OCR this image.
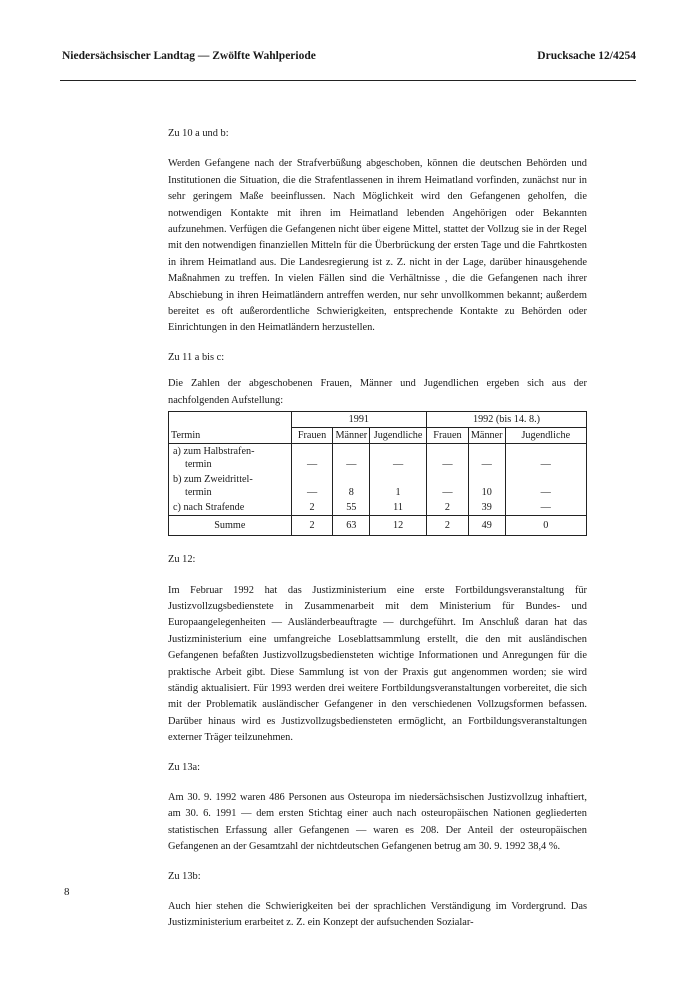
Niedersächsischer Landtag — Zwölfte Wahlperiode	Drucksache 12/4254

Zu 10 a und b:

Werden Gefangene nach der Strafverbüßung abgeschoben, können die deutschen Behörden und Institutionen die Situation, die die Strafentlassenen in ihrem Heimatland vorfinden, zunächst nur in sehr geringem Maße beeinflussen. Nach Möglichkeit wird den Gefangenen geholfen, die notwendigen Kontakte mit ihren im Heimatland lebenden Angehörigen oder Bekannten aufzunehmen. Verfügen die Gefangenen nicht über eigene Mittel, stattet der Vollzug sie in der Regel mit den notwendigen finanziellen Mitteln für die Überbrückung der ersten Tage und die Fahrtkosten in ihrem Heimatland aus. Die Landesregierung ist z. Z. nicht in der Lage, darüber hinausgehende Maßnahmen zu treffen. In vielen Fällen sind die Verhältnisse , die die Gefangenen nach ihrer Abschiebung in ihren Heimatländern antreffen werden, nur sehr unvollkommen bekannt; außerdem bereitet es oft außerordentliche Schwierigkeiten, entsprechende Kontakte zu Behörden oder Einrichtungen in den Heimatländern herzustellen.

Zu 11 a bis c:

Die Zahlen der abgeschobenen Frauen, Männer und Jugendlichen ergeben sich aus der nachfolgenden Aufstellung:

	1991			1992 (bis 14. 8.)		
Termin	Frauen	Männer	Jugendliche	Frauen	Männer	Jugendliche
a) zum Halbstrafen-
termin	—	—	—	—	—	—
b) zum Zweidrittel-
termin	—	8	1	—	10	—
c) nach Strafende	2	55	11	2	39	—
Summe	2	63	12	2	49	0

Zu 12:

Im Februar 1992 hat das Justizministerium eine erste Fortbildungsveranstaltung für Justizvollzugsbedienstete in Zusammenarbeit mit dem Ministerium für Bundes- und Europaangelegenheiten — Ausländerbeauftragte — durchgeführt. Im Anschluß daran hat das Justizministerium eine umfangreiche Loseblattsammlung erstellt, die den mit ausländischen Gefangenen befaßten Justizvollzugsbediensteten wichtige Informationen und Anregungen für die praktische Arbeit gibt. Diese Sammlung ist von der Praxis gut angenommen worden; sie wird ständig aktualisiert. Für 1993 werden drei weitere Fortbildungsveranstaltungen vorbereitet, die sich mit der Problematik ausländischer Gefangener in den verschiedenen Vollzugsformen befassen. Darüber hinaus wird es Justizvollzugsbediensteten ermöglicht, an Fortbildungsveranstaltungen externer Träger teilzunehmen.

Zu 13a:

Am 30. 9. 1992 waren 486 Personen aus Osteuropa im niedersächsischen Justizvollzug inhaftiert, am 30. 6. 1991 — dem ersten Stichtag einer auch nach osteuropäischen Nationen gegliederten statistischen Erfassung aller Gefangenen — waren es 208. Der Anteil der osteuropäischen Gefangenen an der Gesamtzahl der nichtdeutschen Gefangenen betrug am 30. 9. 1992 38,4 %.

Zu 13b:

Auch hier stehen die Schwierigkeiten bei der sprachlichen Verständigung im Vordergrund. Das Justizministerium erarbeitet z. Z. ein Konzept der aufsuchenden Sozialar-

8
